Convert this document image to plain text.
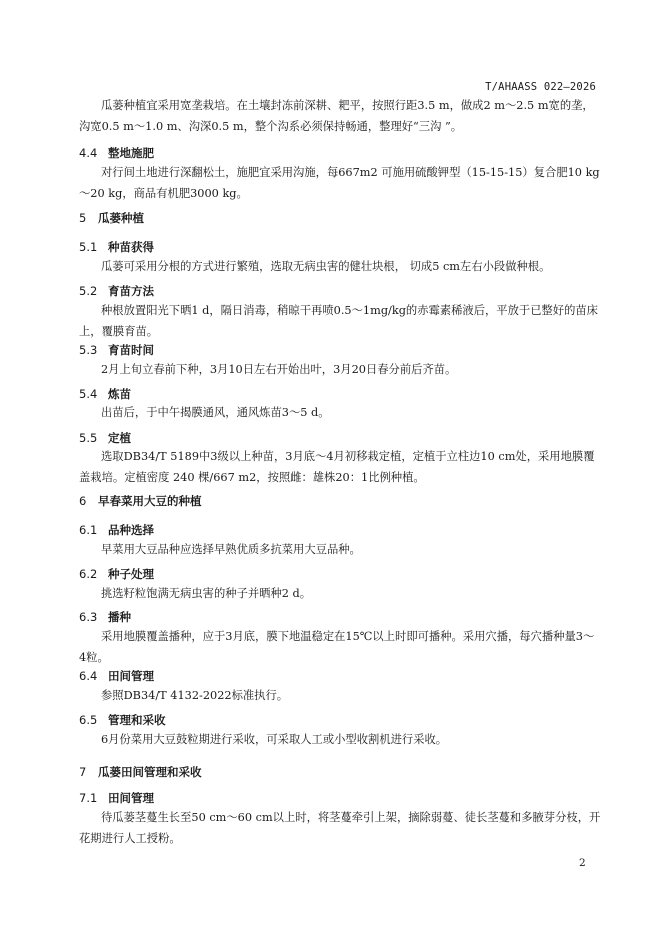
T/AHAASS 022—2026

瓜蒌种植宜采用宽垄栽培。在土壤封冻前深耕、耙平，按照行距3.5 m，做成2 m～2.5 m宽的垄，沟宽0.5 m～1.0 m、沟深0.5 m，整个沟系必须保持畅通，整理好“三沟 ”。

4.4 整地施肥

对行间土地进行深翻松土，施肥宜采用沟施，每667m2 可施用硫酸钾型（15-15-15）复合肥10 kg～20 kg，商品有机肥3000 kg。

5 瓜蒌种植
5.1 种苗获得

瓜蒌可采用分根的方式进行繁殖，选取无病虫害的健壮块根， 切成5 cm左右小段做种根。

5.2 育苗方法

种根放置阳光下晒1 d，隔日消毒，稍晾干再喷0.5～1mg/kg的赤霉素稀液后，平放于已整好的苗床上，覆膜育苗。

5.3 育苗时间

2月上旬立春前下种，3月10日左右开始出叶，3月20日春分前后齐苗。

5.4 炼苗

出苗后，于中午揭膜通风，通风炼苗3～5 d。

5.5 定植

选取DB34/T 5189中3级以上种苗，3月底～4月初移栽定植，定植于立柱边10 cm处，采用地膜覆盖栽培。定植密度 240 棵/667 m2，按照雌：雄株20：1比例种植。

6 早春菜用大豆的种植
6.1 品种选择

早菜用大豆品种应选择早熟优质多抗菜用大豆品种。

6.2 种子处理

挑选籽粒饱满无病虫害的种子并晒种2 d。

6.3 播种

采用地膜覆盖播种，应于3月底，膜下地温稳定在15℃以上时即可播种。采用穴播，每穴播种量3～4粒。

6.4 田间管理

参照DB34/T 4132-2022标准执行。

6.5 管理和采收

6月份菜用大豆鼓粒期进行采收，可采取人工或小型收割机进行采收。

7 瓜蒌田间管理和采收
7.1 田间管理

待瓜蒌茎蔓生长至50 cm～60 cm以上时，将茎蔓牵引上架，摘除弱蔓、徒长茎蔓和多腋芽分枝，开花期进行人工授粉。

2
